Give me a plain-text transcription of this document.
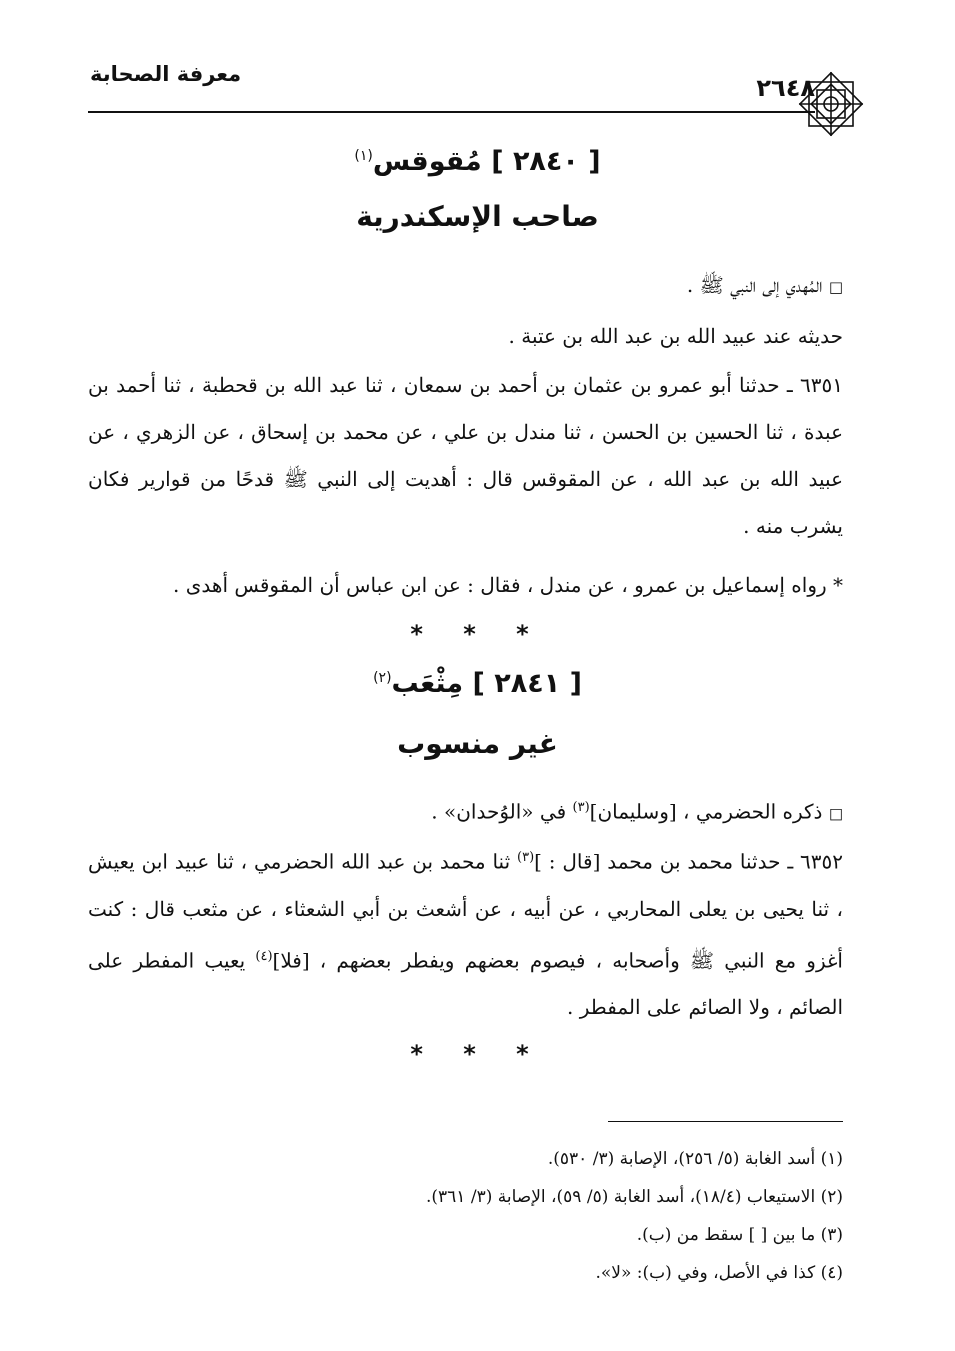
معرفة الصحابة	٢٦٤٨
[ ٢٨٤٠ ] مُقوقس$^{(١)}$
صاحب الإسكندرية
□ المُهدي إلى النبي ﷺ .
حديثه عند عبيد الله بن عبد الله بن عتبة .
٦٣٥١ ـ حدثنا أبو عمرو بن عثمان بن أحمد بن سمعان ، ثنا عبد الله بن قحطبة ، ثنا أحمد بن عبدة ، ثنا الحسين بن الحسن ، ثنا مندل بن علي ، عن محمد بن إسحاق ، عن الزهري ، عن عبيد الله بن عبد الله ، عن المقوقس قال : أهديت إلى النبي ﷺ قدحًا من قوارير فكان يشرب منه .
* رواه إسماعيل بن عمرو ، عن مندل ، فقال : عن ابن عباس أن المقوقس أهدى .
* * *
[ ٢٨٤١ ] مِثْعَب$^{(٢)}$
غير منسوب
□ ذكره الحضرمي ، [وسليمان]$^{(٣)}$ في «الوُحدان» .
٦٣٥٢ ـ حدثنا محمد بن محمد [قال : ]$^{(٣)}$ ثنا محمد بن عبد الله الحضرمي ، ثنا عبيد ابن يعيش ، ثنا يحيى بن يعلى المحاربي ، عن أبيه ، عن أشعث بن أبي الشعثاء ، عن مثعب قال : كنت أغزو مع النبي ﷺ وأصحابه ، فيصوم بعضهم ويفطر بعضهم ، [فلا]$^{(٤)}$ يعيب المفطر على الصائم ، ولا الصائم على المفطر .
* * *
(١) أسد الغابة (٥/ ٢٥٦)، الإصابة (٣/ ٥٣٠).
(٢) الاستيعاب (١٨/٤)، أسد الغابة (٥/ ٥٩)، الإصابة (٣/ ٣٦١).
(٣) ما بين [ ] سقط من (ب).
(٤) كذا في الأصل، وفي (ب): «لا».
